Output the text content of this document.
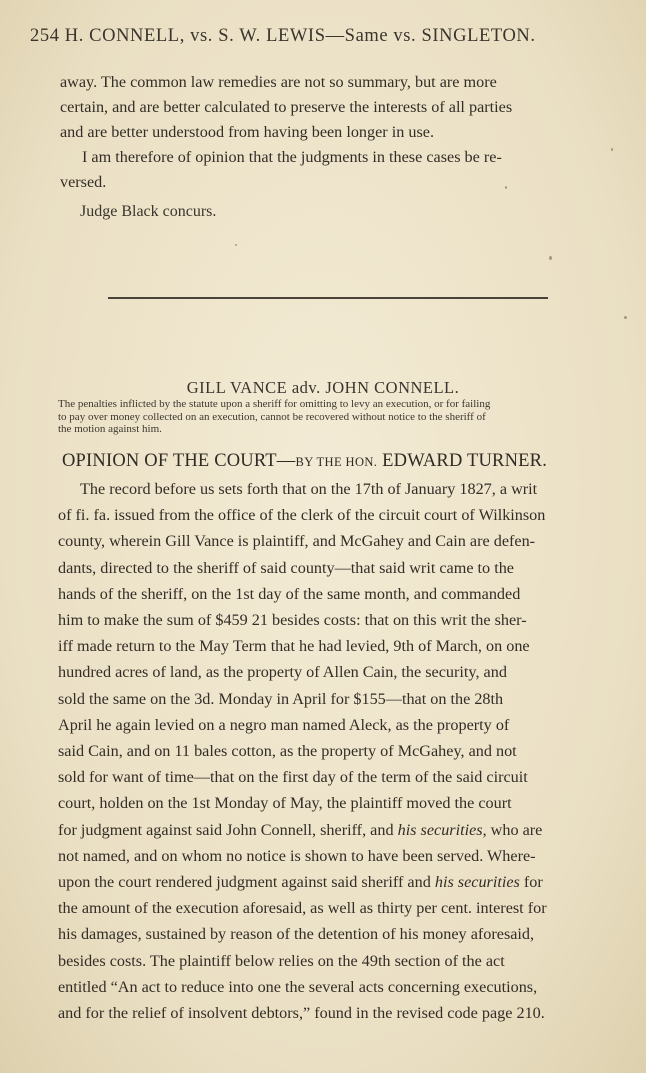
254 H. CONNELL, vs. S. W. LEWIS—Same vs. SINGLETON.
away. The common law remedies are not so summary, but are more
certain, and are better calculated to preserve the interests of all parties
and are better understood from having been longer in use.
I am therefore of opinion that the judgments in these cases be re-
versed.
Judge Black concurs.
GILL VANCE adv. JOHN CONNELL.
The penalties inflicted by the statute upon a sheriff for omitting to levy an execution, or for failing
to pay over money collected on an execution, cannot be recovered without notice to the sheriff of
the motion against him.
OPINION OF THE COURT—BY THE HON. EDWARD TURNER.
The record before us sets forth that on the 17th of January 1827, a writ
of fi. fa. issued from the office of the clerk of the circuit court of Wilkinson
county, wherein Gill Vance is plaintiff, and McGahey and Cain are defen-
dants, directed to the sheriff of said county—that said writ came to the
hands of the sheriff, on the 1st day of the same month, and commanded
him to make the sum of $459 21 besides costs: that on this writ the sher-
iff made return to the May Term that he had levied, 9th of March, on one
hundred acres of land, as the property of Allen Cain, the security, and
sold the same on the 3d. Monday in April for $155—that on the 28th
April he again levied on a negro man named Aleck, as the property of
said Cain, and on 11 bales cotton, as the property of McGahey, and not
sold for want of time—that on the first day of the term of the said circuit
court, holden on the 1st Monday of May, the plaintiff moved the court
for judgment against said John Connell, sheriff, and his securities, who are
not named, and on whom no notice is shown to have been served. Where-
upon the court rendered judgment against said sheriff and his securities for
the amount of the execution aforesaid, as well as thirty per cent. interest for
his damages, sustained by reason of the detention of his money aforesaid,
besides costs. The plaintiff below relies on the 49th section of the act
entitled “An act to reduce into one the several acts concerning executions,
and for the relief of insolvent debtors,” found in the revised code page 210.
